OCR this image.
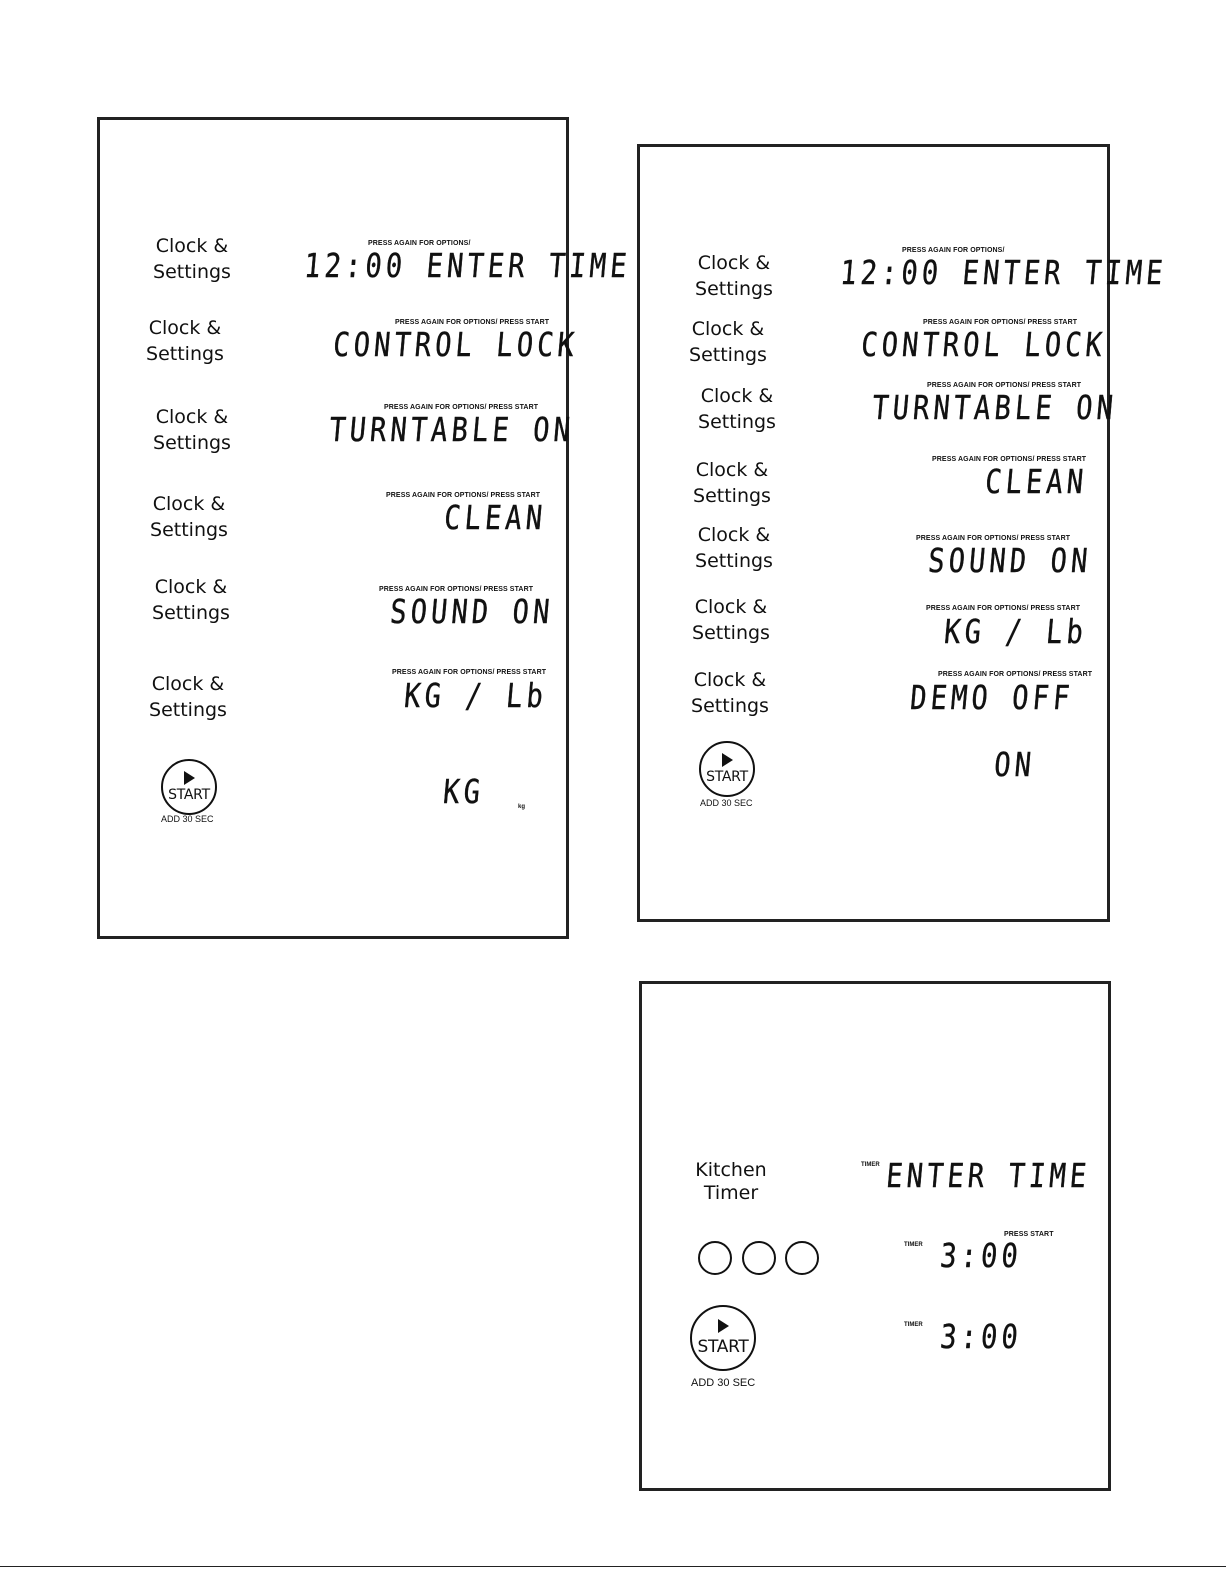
Clock &
Settings
PRESS AGAIN FOR OPTIONS/
12:00 ENTER TIME
Clock &
Settings
PRESS AGAIN FOR OPTIONS/ PRESS START
CONTROL LOCK
Clock &
Settings
PRESS AGAIN FOR OPTIONS/ PRESS START
TURNTABLE ON
Clock &
Settings
PRESS AGAIN FOR OPTIONS/ PRESS START
CLEAN
Clock &
Settings
PRESS AGAIN FOR OPTIONS/ PRESS START
SOUND ON
Clock &
Settings
PRESS AGAIN FOR OPTIONS/ PRESS START
KG / Lb
START
ADD 30 SEC
KG	kg
Clock &
Settings
PRESS AGAIN FOR OPTIONS/
12:00 ENTER TIME
Clock &
Settings
PRESS AGAIN FOR OPTIONS/ PRESS START
CONTROL LOCK
Clock &
Settings
PRESS AGAIN FOR OPTIONS/ PRESS START
TURNTABLE ON
Clock &
Settings
PRESS AGAIN FOR OPTIONS/ PRESS START
CLEAN
Clock &
Settings
PRESS AGAIN FOR OPTIONS/ PRESS START
SOUND ON
Clock &
Settings
PRESS AGAIN FOR OPTIONS/ PRESS START
KG / Lb
Clock &
Settings
PRESS AGAIN FOR OPTIONS/ PRESS START
DEMO OFF
START
ADD 30 SEC
ON
Kitchen
Timer
TIMER ENTER TIME
TIMER
PRESS START
3:00
START
ADD 30 SEC
TIMER 3:00
